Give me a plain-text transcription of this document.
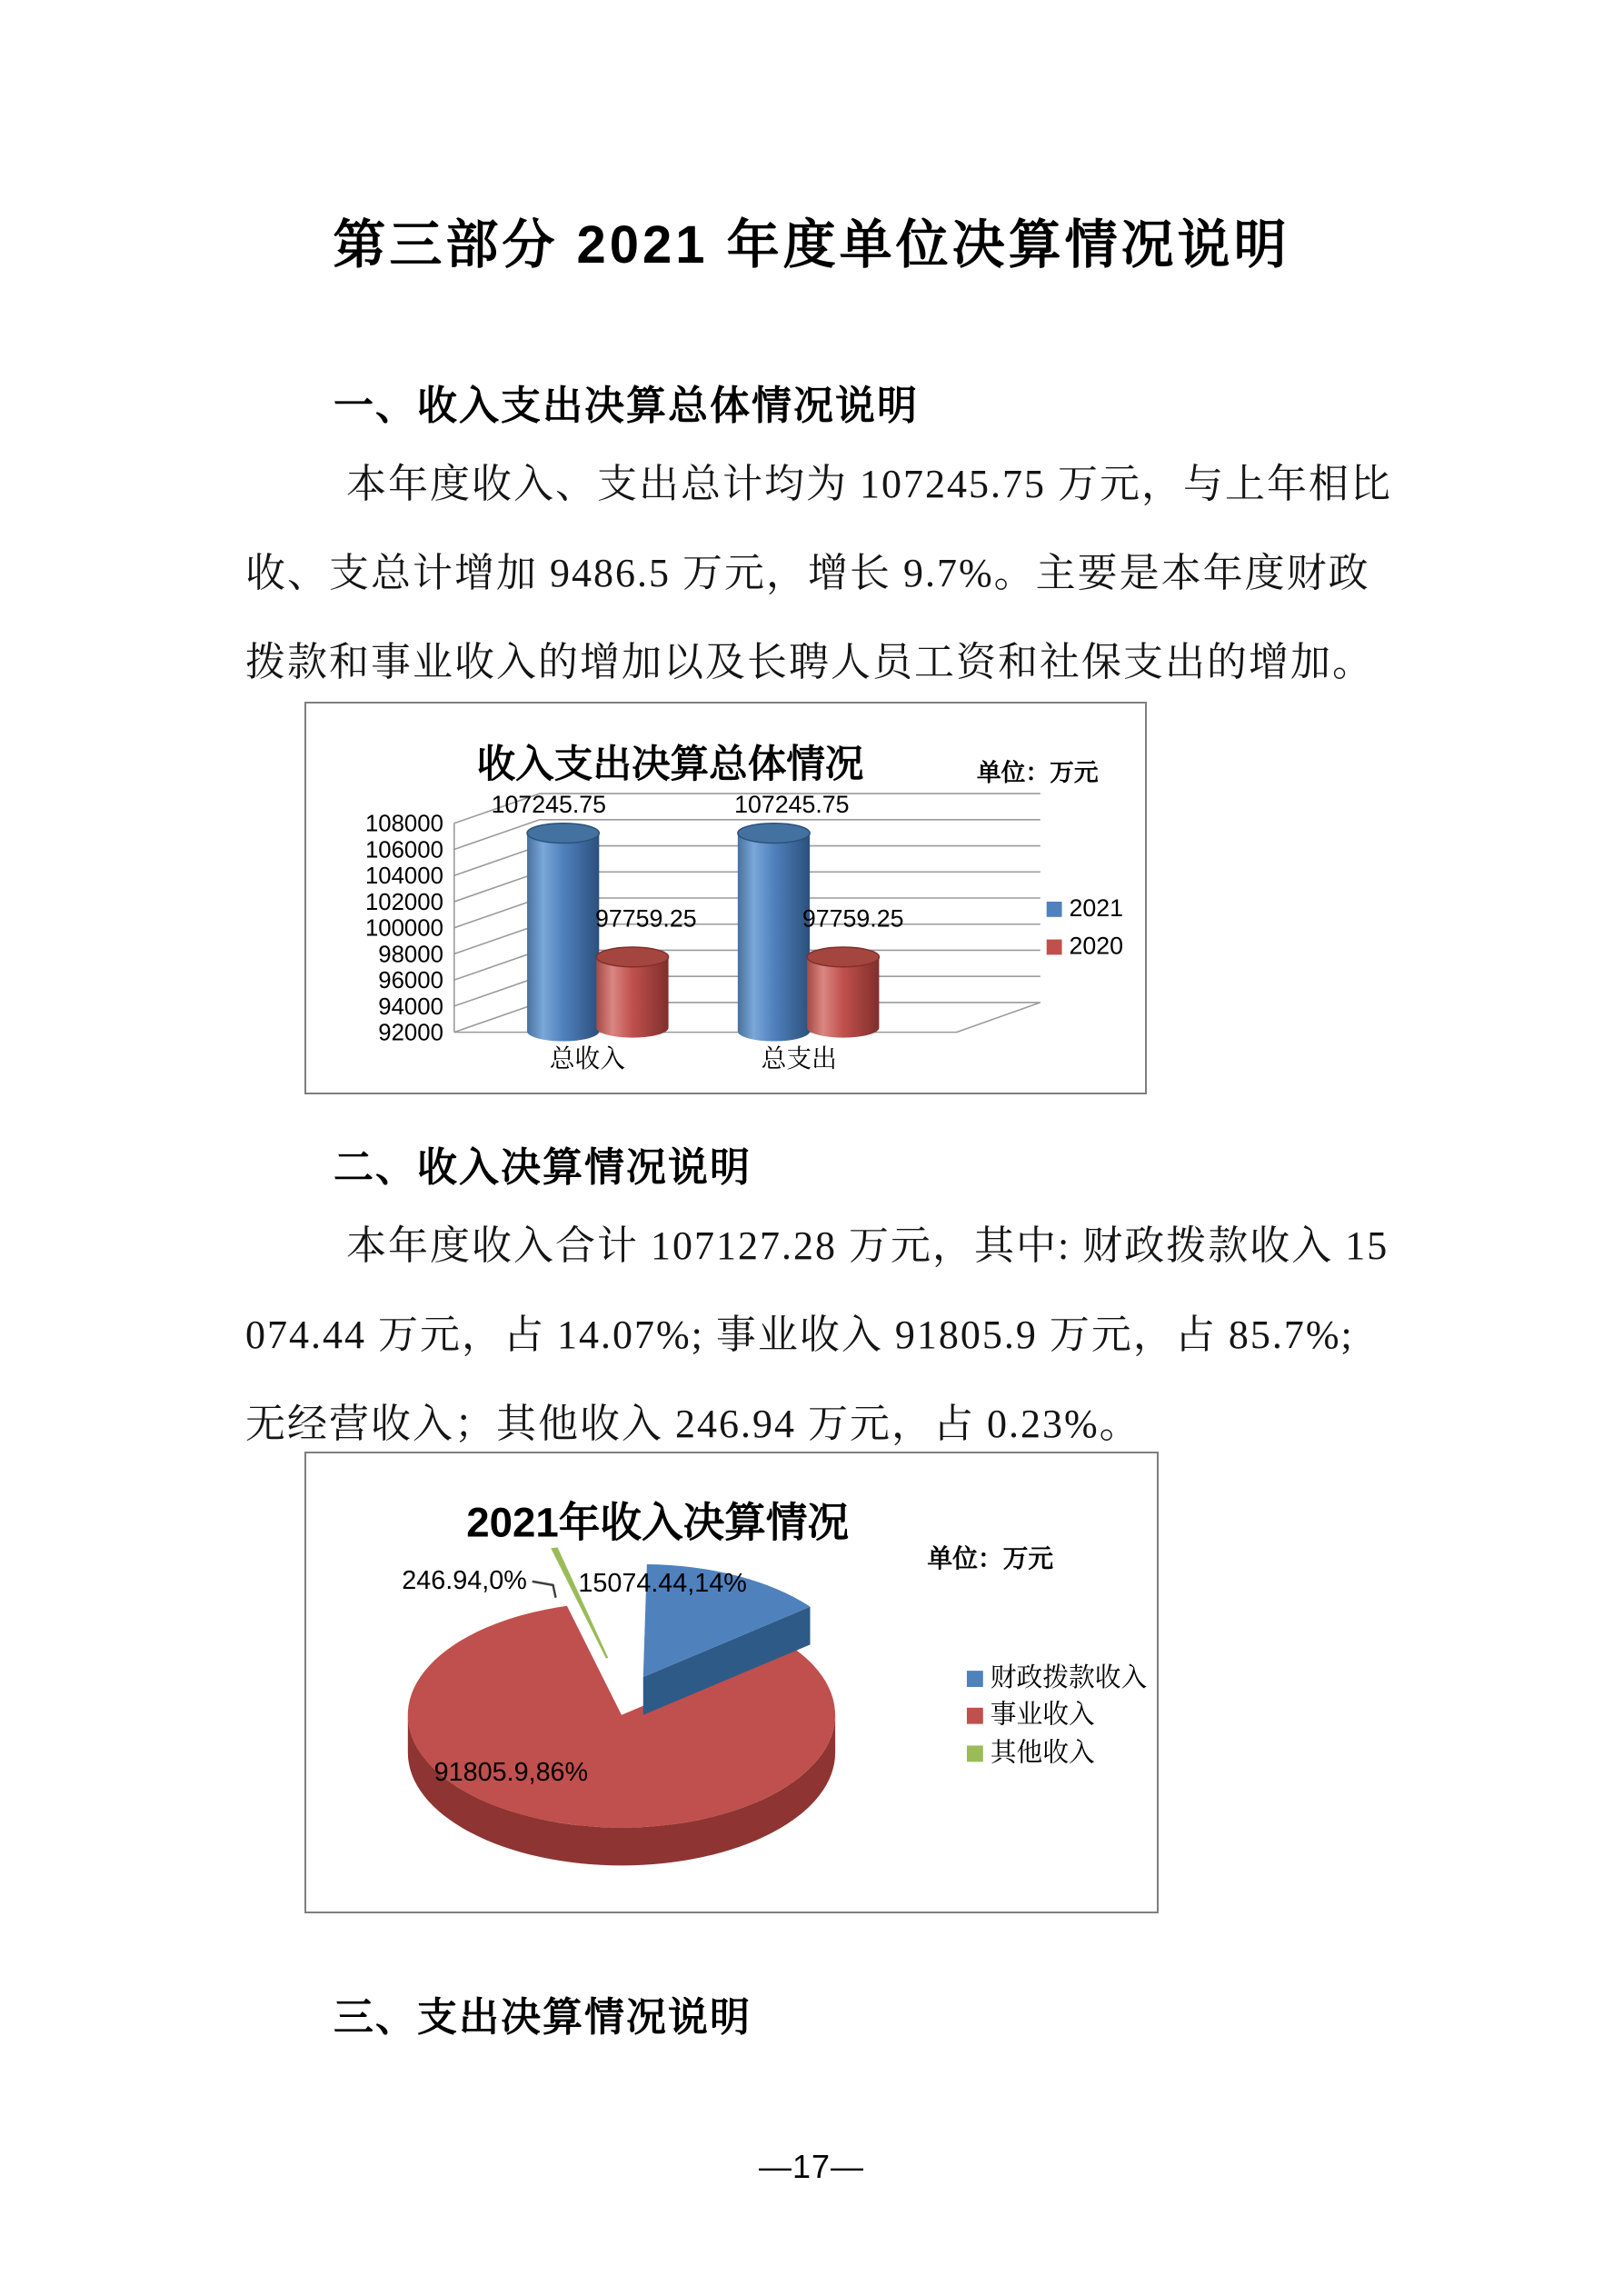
第三部分 2021 年度单位决算情况说明
一、收入支出决算总体情况说明
本年度收入、支出总计均为 107245.75 万元，与上年相比
收、支总计增加 9486.5 万元，增长 9.7%。主要是本年度财政
拨款和事业收入的增加以及长聘人员工资和社保支出的增加。
收入支出决算总体情况	单位：万元
108000
106000
104000
102000
100000
98000
96000
94000
92000
107245.75	107245.75
97759.25	97759.25
总收入	总支出
2021
2020
二、收入决算情况说明
本年度收入合计 107127.28 万元，其中: 财政拨款收入 15
074.44 万元，占 14.07%; 事业收入 91805.9 万元，占 85.7%;
无经营收入；其他收入 246.94 万元，占 0.23%。
2021年收入决算情况
单位：万元
246.94,0% 15074.44,14%
91805.9,86%
财政拨款收入
事业收入
其他收入
三、支出决算情况说明
—17—
